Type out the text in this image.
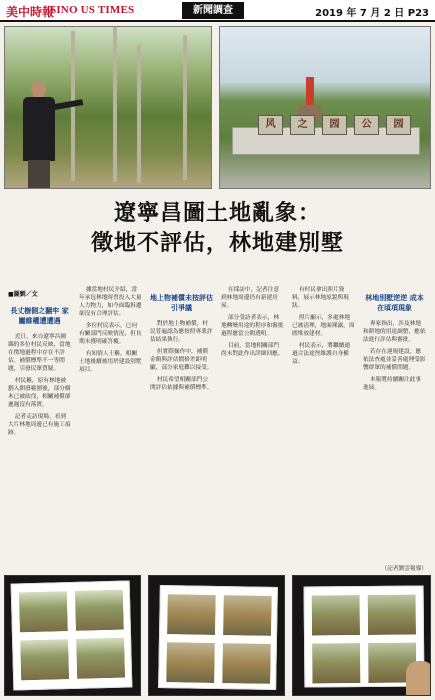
美中時報
SINO US TIMES	新聞調查	2019 年 7 月 2 日 P23
风	之	园	公	园
遼寧昌圖土地亂象：
徵地不評估，林地建別墅
■圖劉／文
長丈樹側之翻牢 家屬維權遭遭遇

近日，來自遼寧昌圖縣的多位村民反映，當地在徵地過程中存在不評估、補償標準不一等問題，引發民眾質疑。

村民稱，原有林地被劃入開發範圍後，部分樹木已被砍伐，相關補償卻遲遲沒有落實。

記者走訪現場，看到大片林地周邊已有施工痕跡。

據當地村民介紹，當年承包林地時曾投入大量人力物力，如今面臨拆遷卻沒有合理評估。

多位村民表示，已向有關部門反映情況，但長期未獲明確答覆。

有知情人士稱，相關土地後續被用於建設別墅項目。

地上物補償未按評估引爭議

對於地上物補償，村民普遍認為應按照專業評估結果執行。

但實際操作中，補償金額與評估價格差距明顯，部分家庭難以接受。

村民希望相關部門公開評估依據與補償標準。

在採訪中，記者注意到林地周邊仍有新建房屋。

部分受訪者表示，林地轉變用途的程序和審批過程應當公開透明。

目前，當地相關部門尚未對此作出詳細回應。

有村民拿出照片資料，展示林地原貌與現狀。

照片顯示，多處林地已被清理，地面裸露，周圍堆放建材。

村民表示，將繼續通過合法途徑維護自身權益。

林地別墅逆逆 成本在頃項現象

專家指出，涉及林地和耕地的用途調整，應依法進行評估與審批。

若存在違規建設，應依法查處並妥善處理受影響群眾的補償問題。

本報將持續關注此事進展。

（記者劉雲報導）
